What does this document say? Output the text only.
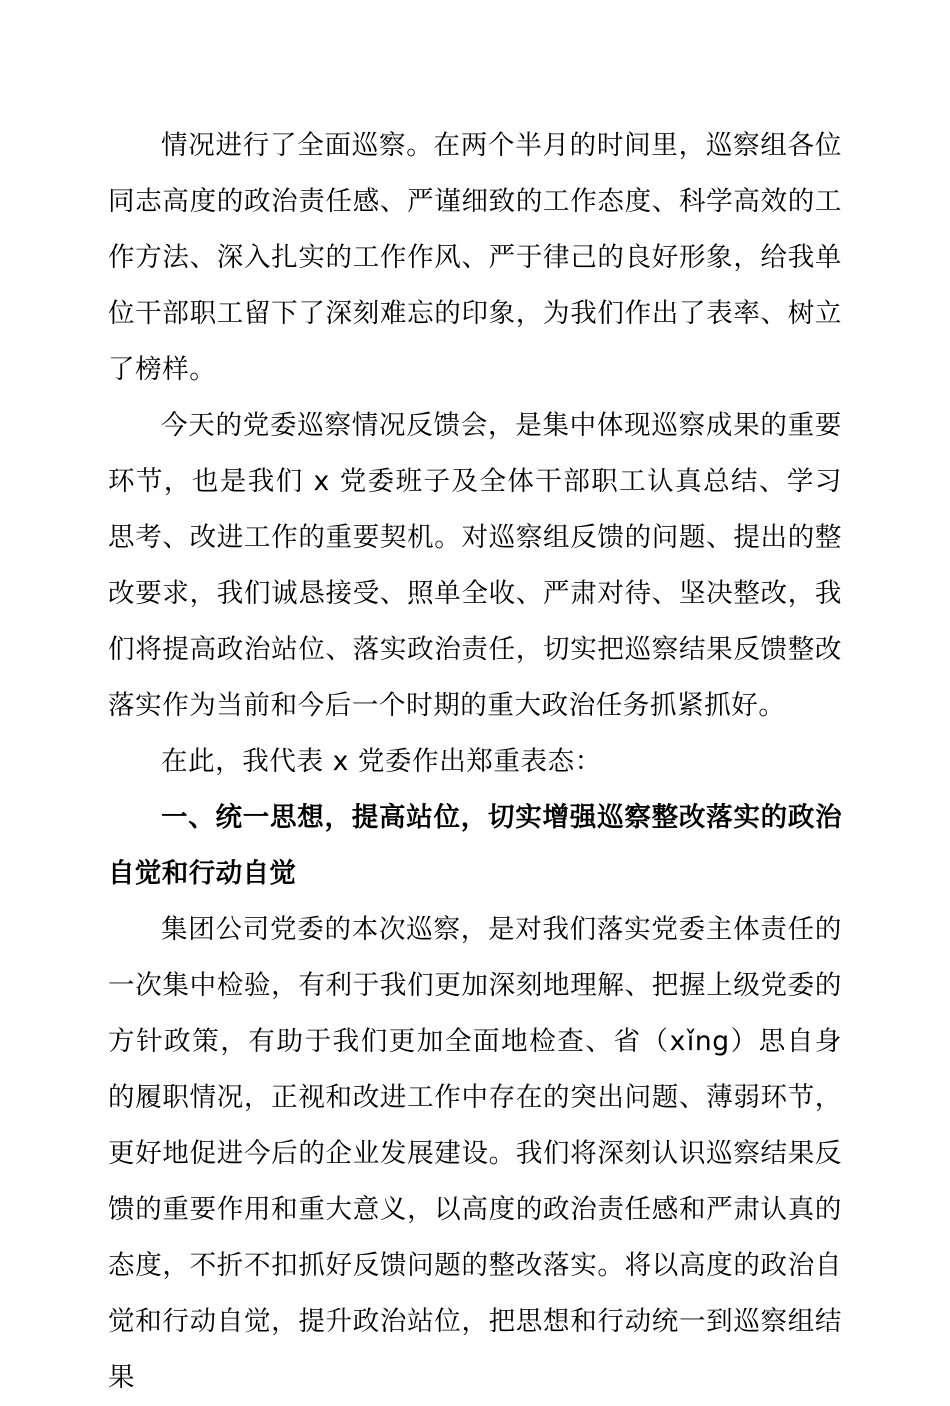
情况进行了全面巡察。在两个半月的时间里，巡察组各位同志高度的政治责任感、严谨细致的工作态度、科学高效的工作方法、深入扎实的工作作风、严于律己的良好形象，给我单位干部职工留下了深刻难忘的印象，为我们作出了表率、树立了榜样。

今天的党委巡察情况反馈会，是集中体现巡察成果的重要环节，也是我们 x 党委班子及全体干部职工认真总结、学习思考、改进工作的重要契机。对巡察组反馈的问题、提出的整改要求，我们诚恳接受、照单全收、严肃对待、坚决整改，我们将提高政治站位、落实政治责任，切实把巡察结果反馈整改落实作为当前和今后一个时期的重大政治任务抓紧抓好。

在此，我代表 x 党委作出郑重表态：

一、统一思想，提高站位，切实增强巡察整改落实的政治自觉和行动自觉

集团公司党委的本次巡察，是对我们落实党委主体责任的一次集中检验，有利于我们更加深刻地理解、把握上级党委的方针政策，有助于我们更加全面地检查、省（ⅹǐng）思自身的履职情况，正视和改进工作中存在的突出问题、薄弱环节，更好地促进今后的企业发展建设。我们将深刻认识巡察结果反馈的重要作用和重大意义，以高度的政治责任感和严肃认真的态度，不折不扣抓好反馈问题的整改落实。将以高度的政治自觉和行动自觉，提升政治站位，把思想和行动统一到巡察组结果
